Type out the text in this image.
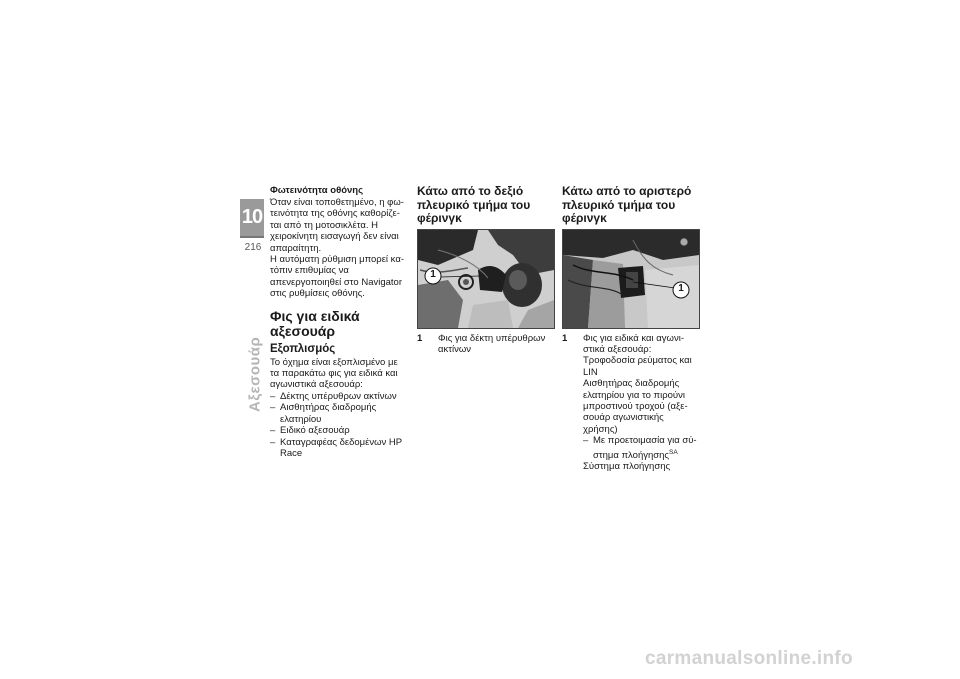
10
216
Αξεσουάρ
Φωτεινότητα οθόνης

Όταν είναι τοποθετημένο, η φωτεινότητα της οθόνης καθορίζεται από τη μοτοσικλέτα. Η χειροκίνητη εισαγωγή δεν είναι απαραίτητη.

Η αυτόματη ρύθμιση μπορεί κατόπιν επιθυμίας να απενεργοποιηθεί στο Navigator στις ρυθμίσεις οθόνης.

Φις για ειδικά αξεσουάρ
Εξοπλισμός

Το όχημα είναι εξοπλισμένο με τα παρακάτω φις για ειδικά και αγωνιστικά αξεσουάρ:

– Δέκτης υπέρυθρων ακτίνων
– Αισθητήρας διαδρομής ελατηρίου
– Ειδικό αξεσουάρ
– Καταγραφέας δεδομένων HP Race
Κάτω από το δεξιό πλευρικό τμήμα του φέρινγκ
1
1	Φις για δέκτη υπέρυθρων ακτίνων
Κάτω από το αριστερό πλευρικό τμήμα του φέρινγκ
1
1	Φις για ειδικά και αγωνιστικά αξεσουάρ:

Τροφοδοσία ρεύματος και LIN

Αισθητήρας διαδρομής ελατηρίου για το πιρούνι μπροστινού τροχού (αξεσουάρ αγωνιστικής χρήσης)

– Με προετοιμασία για σύστημα πλοήγησης$^{SA}$

Σύστημα πλοήγησης

carmanualsonline.info
